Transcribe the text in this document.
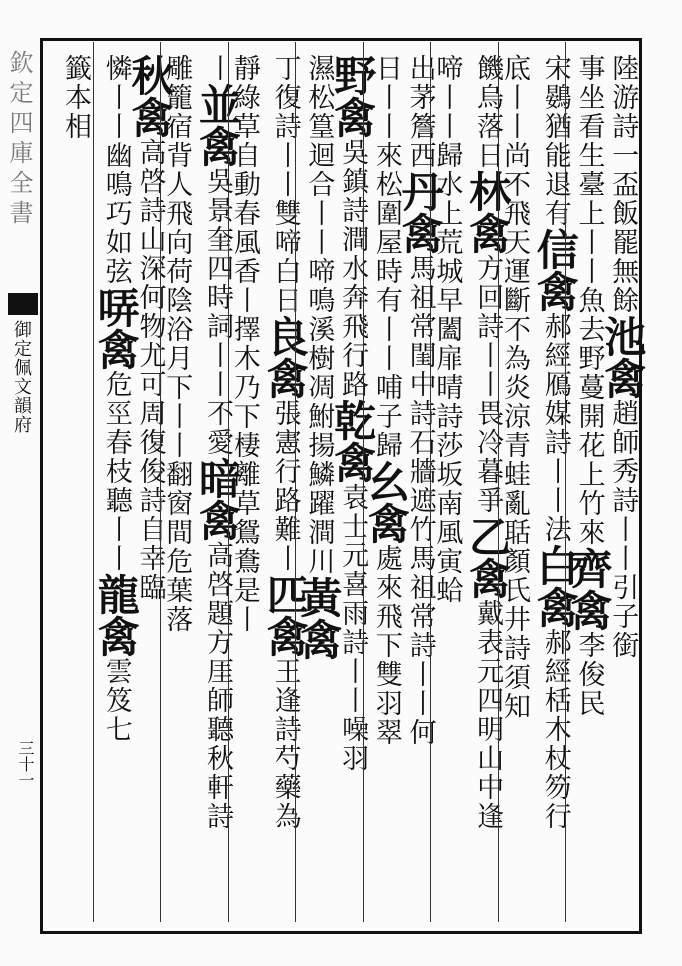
欽定四庫全書
御定佩文韻府
三十一
陸游詩一盃飯罷無餘池禽趙師秀詩丨丨引子銜
事坐看生臺上丨丨魚去野蔓開花上竹來齊禽李俊民
宋鷃猶能退有信禽郝經鴈媒詩丨丨法白禽郝經栝木杖笏行
底丨丨尚不飛天運斷不為炎涼青蛙亂聒顏氏井詩須知
饑烏落日林禽方回詩丨丨畏冷暮爭乙禽戴表元四明山中逢
啼丨丨歸水上荒城早闔扉晴詩莎坂南風寅蛤
出茅簷西丹禽馬祖常閨中詩石牆遮竹馬祖常詩丨丨何
日丨丨來松圍屋時有丨丨哺子歸幺禽處來飛下雙羽翠
野禽吳鎮詩澗水奔飛行路乾禽袁士元喜雨詩丨丨噪羽
濕松篁迴合丨丨啼鳴溪樹凋鮒揚鱗躍澗川黃禽
丁復詩丨丨雙啼白日良禽張憲行路難丨匹禽王逢詩芍藥為
靜綠草自動春風香丨擇木乃下棲離草鴛鴦是丨
丨並禽吳景奎四時詞丨丨不愛暗禽高啓題方厓師聽秋軒詩
雕籠宿背人飛向荷陰浴月下丨丨翻窗間危葉落
秋禽高啓詩山深何物尤可周復俊詩自幸臨
憐丨丨幽鳴巧如弦哢禽危巠春枝聽丨丨龍禽雲笈七
籤本相
